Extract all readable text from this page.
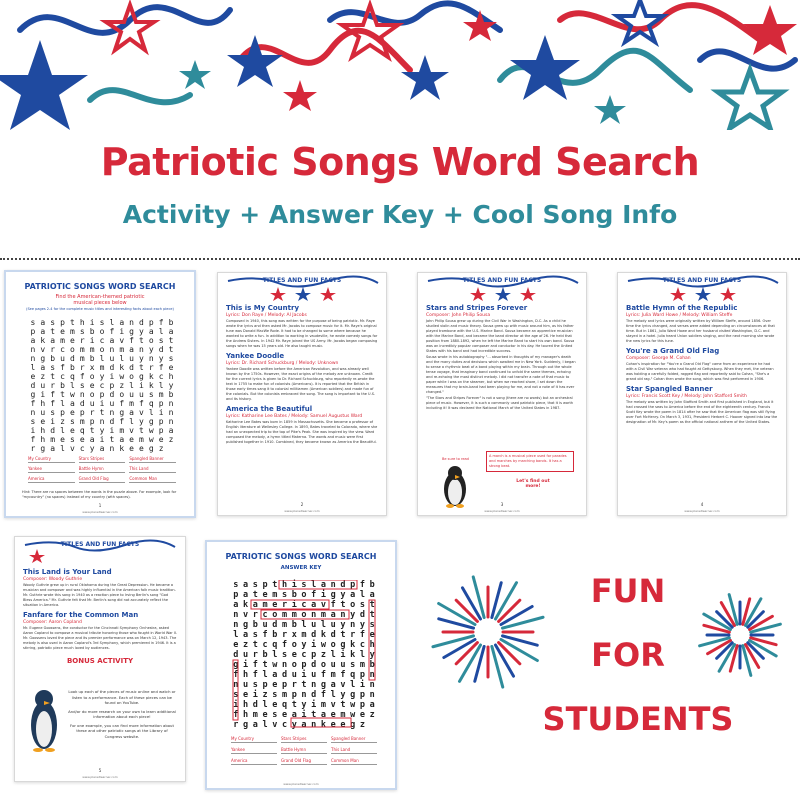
Patriotic Songs Word Search
Activity + Answer Key + Cool Song Info
PATRIOTIC SONGS WORD SEARCH
Find the American-themed patriotic
musical pieces below
(See pages 2-4 for the complete music titles and interesting facts about each piece)
s a s p t h i s l a n d p f b
p a t e m s b o f i g y a l a
a k a m e r i c a v f t o s t
n v r c o m m o n m a n y d t
n g b u d m b l u l u y n y s
l a s f b r x m d k d t r f e
e z t c q f o y i w o g k c h
d u r b l s e c p z l i k l y
g i f t w n o p d o u u s m b
f h f l a d u i u f m f q p n
n u s p e p r t n g a v l i n
s e i z s m p n d f l y g p n
i h d l e q t y i m v t w p a
f h m e s e a i t a e m w e z
r g a l v c y a n k e e g z
My Country	Stars Stripes	Spangled Banner
Yankee	Battle Hymn	This Land
America	Grand Old Flag	Common Man
Hint: There are no spaces between the words in the puzzle above. For example, look for "mycountry" (no spaces) instead of my country (with spaces).
1
www.planetlearner.com
TITLES AND FUN FACTS
This is My Country
Lyrics: Don Raye / Melody: Al Jacobs
Composed in 1940, this song was written for the purpose of being patriotic. Mr. Raye wrote the lyrics and then asked Mr. Jacobs to compose music for it. Mr. Raye's original tune was Donald MacWe Rode. It had to be changed to some where because he wanted to write a fun. In addition to working in vaudeville, he wrote comedy songs for the Andrew Sisters. In 1942 Mr. Raye joined the US Army. Mr. Jacobs began composing songs when he was 15 years old. He also taught music.
Yankee Doodle
Lyrics: Dr. Richard Schuckburg / Melody: Unknown
Yankee Doodle was written before the American Revolution, and was already well known by the 1750s. However, the exact origins of the melody are unknown. Credit for the current lyrics is given to Dr. Richard Schuckburg, who reportedly re-wrote the text in 1755 to make fun of colonists (Americans). It is reported that the British in those early times sang it to colonial militiamen (American soldiers) and made fun of the colonials. But the colonists embraced the song. The song is important to the U.S. and its history.
America the Beautiful
Lyrics: Katharine Lee Bates / Melody: Samuel Augustus Ward
Katharine Lee Bates was born in 1859 in Massachusetts. She became a professor of English literature at Wellesley College. In 1893, Bates traveled to Colorado, where she had an unexpected trip to the top of Pike's Peak. She was inspired by the view. Ward composed the melody, a hymn titled Materna. The words and music were first published together in 1910. Combined, they became known as America the Beautiful.
2
www.planetlearner.com
TITLES AND FUN FACTS
Stars and Stripes Forever
Composer: John Philip Sousa
John Philip Sousa grew up during the Civil War in Washington, D.C. As a child he studied violin and music theory. Sousa grew up with music around him, as his father played trombone with the U.S. Marine Band. Sousa became an apprentice musician with the Marine Band, and became the band director at the age of 26. He held that position from 1880-1892, when he left the Marine Band to start his own band. Sousa was an incredibly popular composer and conductor in his day. He toured the United States with his band and had incredible success.
Sousa wrote in his autobiography "... absorbed in thoughts of my manager's death and the many duties and decisions which awaited me in New York. Suddenly, I began to sense a rhythmic beat of a band playing within my brain. Through out the whole tense voyage, that imaginary band continued to unfold the same themes, echoing and re-echoing the most distinct melody. I did not transfer a note of that music to paper while I was on the steamer, but when we reached shore, I set down the measures that my brain-band had been playing for me, and not a note of it has ever changed."
"The Stars and Stripes Forever" is not a song (there are no words) but an orchestral piece of music. However, it is such a commonly used patriotic piece, that it is worth including it! It was declared the National March of the United States in 1987.
Be sure to read
A march is a musical piece used for parades and marches by marching bands. It has a strong beat.
Let's find out more!
3
www.planetlearner.com
TITLES AND FUN FACTS
Battle Hymn of the Republic
Lyrics: Julia Ward Howe / Melody: William Steffe
The melody and lyrics were originally written by William Steffe, around 1856. Over time the lyrics changed, and verses were added depending on circumstances at that time. But in 1861, Julia Ward Howe and her husband visited Washington, D.C. and stayed in a hotel. Julia heard Union soldiers singing, and the next morning she wrote the new lyrics for this tune.
You're a Grand Old Flag
Composer: George M. Cohan
Cohan's inspiration for "You're a Grand Old Flag" came from an experience he had with a Civil War veteran who had fought at Gettysburg. When they met, the veteran was holding a carefully folded, ragged flag and reportedly said to Cohan, "She's a grand old rag." Cohan then wrote the song, which was first performed in 1906.
Star Spangled Banner
Lyrics: Francis Scott Key / Melody: John Stafford Smith
The melody was written by John Stafford Smith and first published in England, but it had crossed the seas to America before the end of the eighteenth century. Francis Scott Key wrote the poem in 1814 after he saw that the American flag was still flying over Fort McHenry. On March 3, 1931, President Herbert C. Hoover signed into law the designation of Mr. Key's poem as the official national anthem of the United States.
4
www.planetlearner.com
TITLES AND FUN FACTS
This Land is Your Land
Composer: Woody Guthrie
Woody Guthrie grew up in rural Oklahoma during the Great Depression. He became a musician and composer and was highly influential in the American folk music tradition. Mr. Guthrie wrote this song in 1940 as a reaction piece to Irving Berlin's song "God Bless America." Mr. Guthrie felt that Mr. Berlin's song did not accurately reflect the situation in America.
Fanfare for the Common Man
Composer: Aaron Copland
Mr. Eugene Goossens, the conductor for the Cincinnati Symphony Orchestra, asked Aaron Copland to compose a musical tribute honoring those who fought in World War II. Mr. Goossens loved the piece and its premier performance was on March 12, 1943. The melody is also used in Aaron Copland's 3rd Symphony, which premiered in 1946. It is a stirring, patriotic piece much loved by audiences.
BONUS ACTIVITY
Look up each of the pieces of music online and watch or listen to a performance. Each of these pieces can be found on YouTube.
And/or do more research on your own to learn additional information about each piece!
For one example, you can find more information about these and other patriotic songs at the Library of Congress website.
5
www.planetlearner.com
PATRIOTIC SONGS WORD SEARCH
ANSWER KEY
s a s p t h i s l a n d p f b
p a t e m s b o f i g y a l a
a k a m e r i c a v f t o s t
n v r c o m m o n m a n y d t
n g b u d m b l u l u y n y s
l a s f b r x m d k d t r f e
e z t c q f o y i w o g k c h
d u r b l s e c p z l i k l y
g i f t w n o p d o u u s m b
f h f l a d u i u f m f q p n
n u s p e p r t n g a v l i n
s e i z s m p n d f l y g p n
i h d l e q t y i m v t w p a
f h m e s e a i t a e m w e z
r g a l v c y a n k e e g z
My Country	Stars Stripes	Spangled Banner
Yankee	Battle Hymn	This Land
America	Grand Old Flag	Common Man
www.planetlearner.com
FUN
FOR
STUDENTS
